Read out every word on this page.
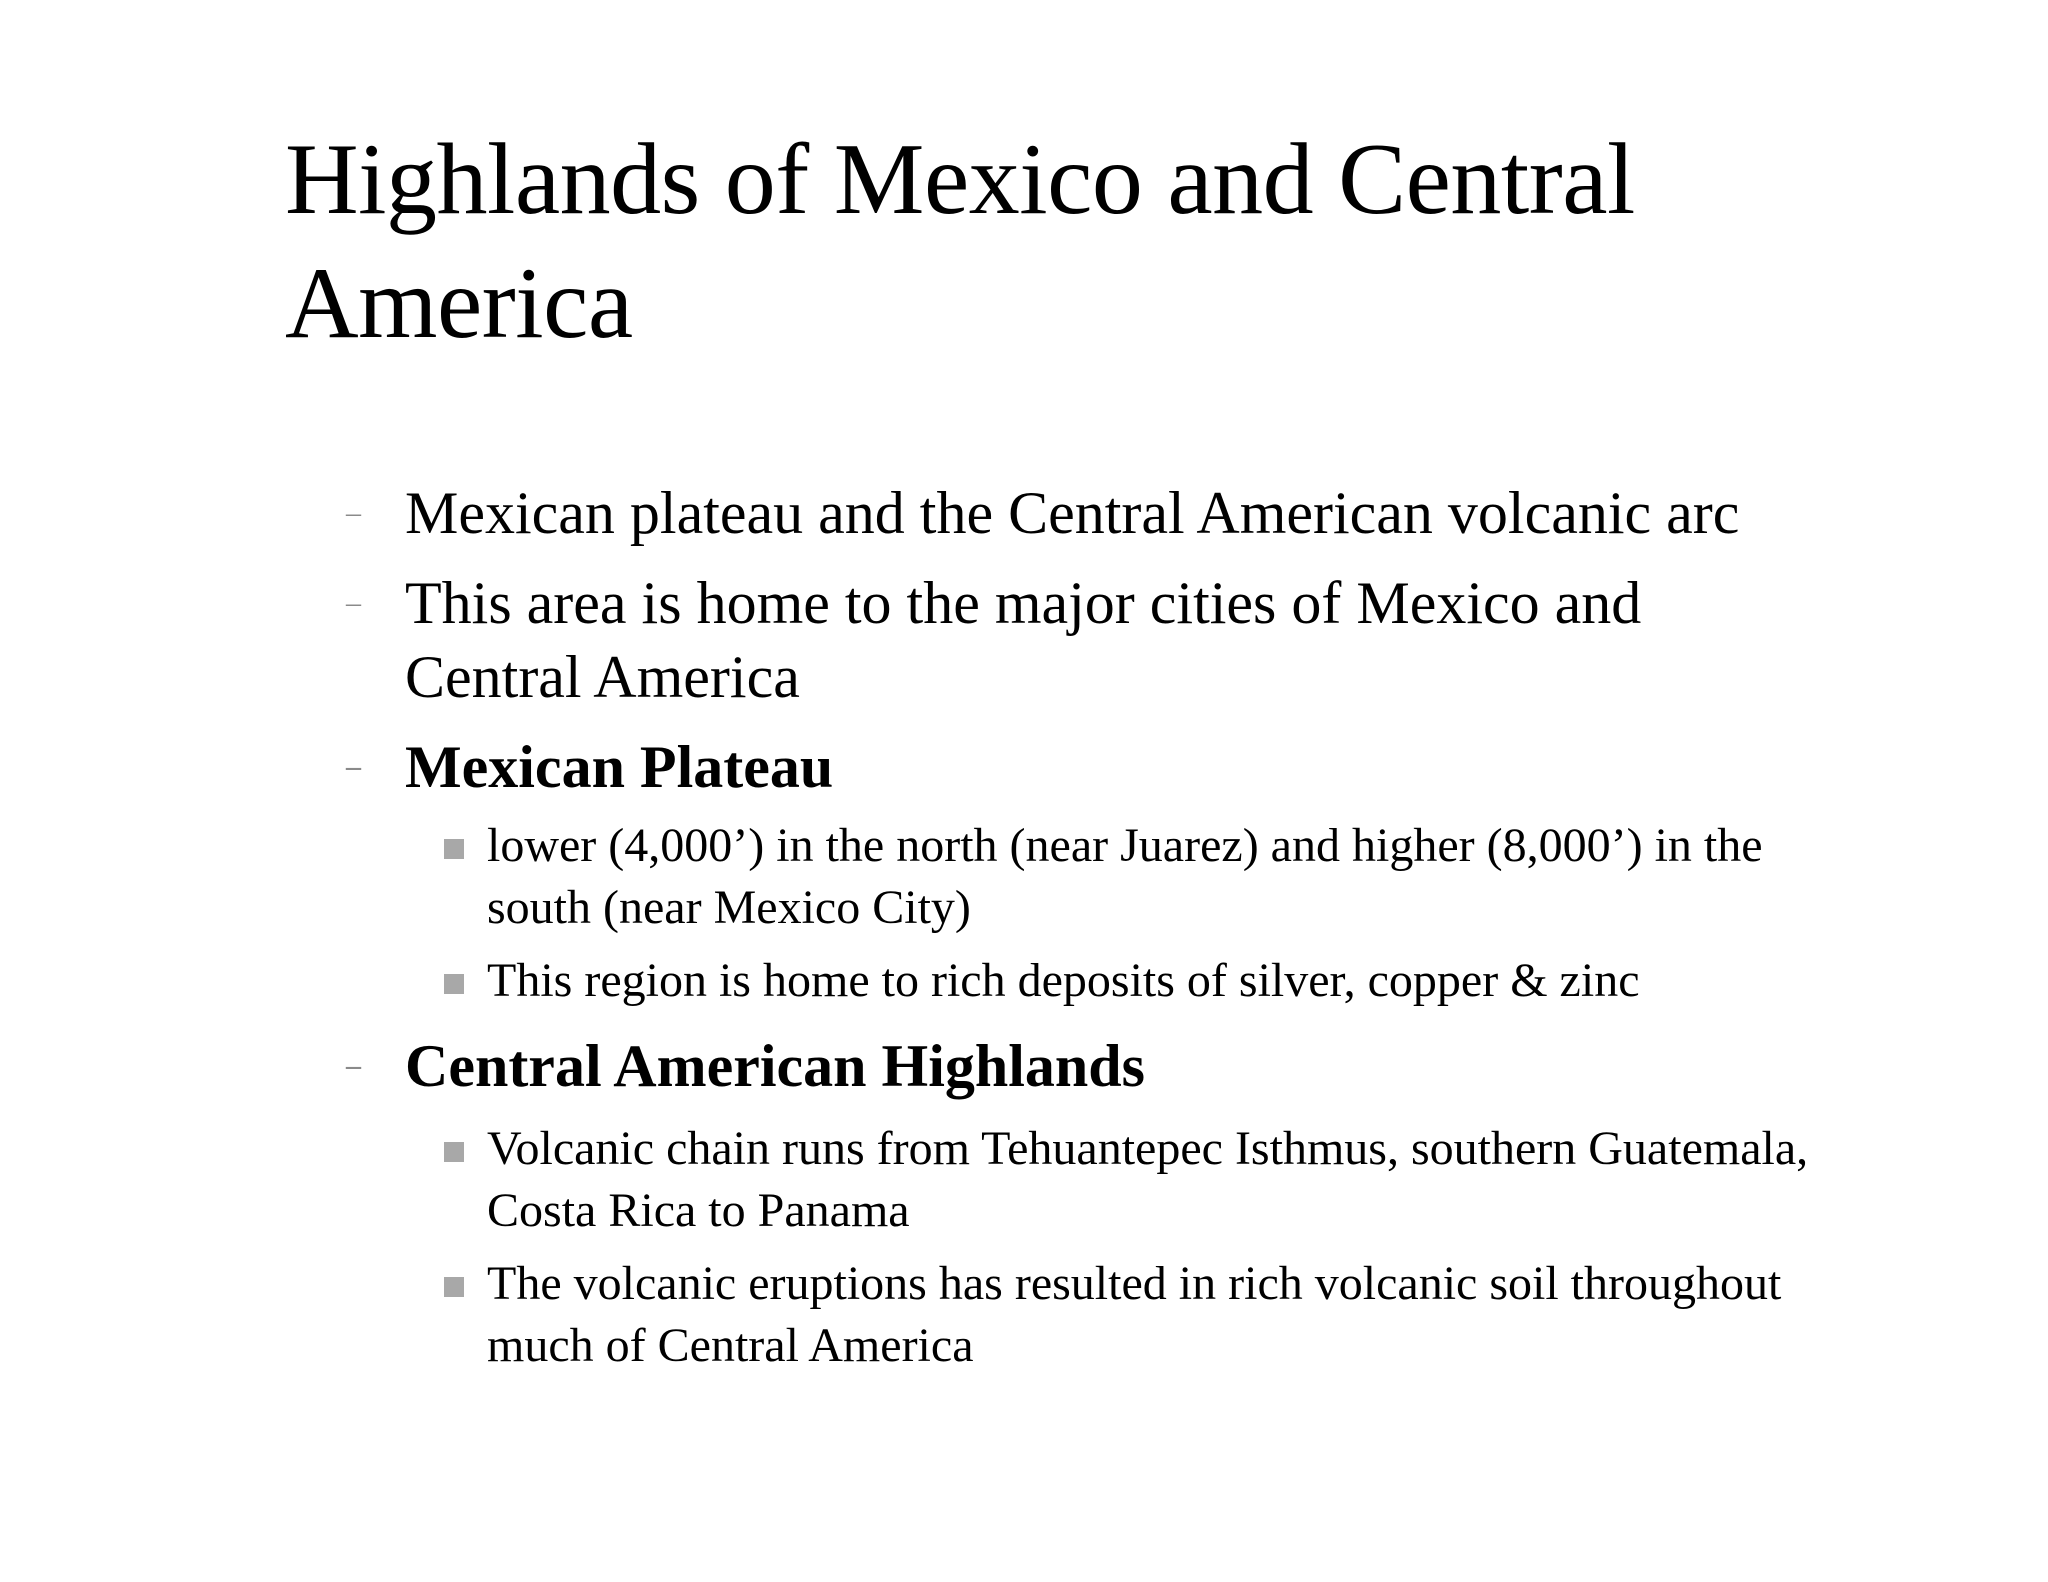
Highlands of Mexico and Central America
– Mexican plateau and the Central American volcanic arc
– This area is home to the major cities of Mexico and Central America
– Mexican Plateau
lower (4,000’) in the north (near Juarez) and higher (8,000’) in the south (near Mexico City)
This region is home to rich deposits of silver, copper & zinc
– Central American Highlands
Volcanic chain runs from Tehuantepec Isthmus, southern Guatemala, Costa Rica to Panama
The volcanic eruptions has resulted in rich volcanic soil throughout much of Central America
